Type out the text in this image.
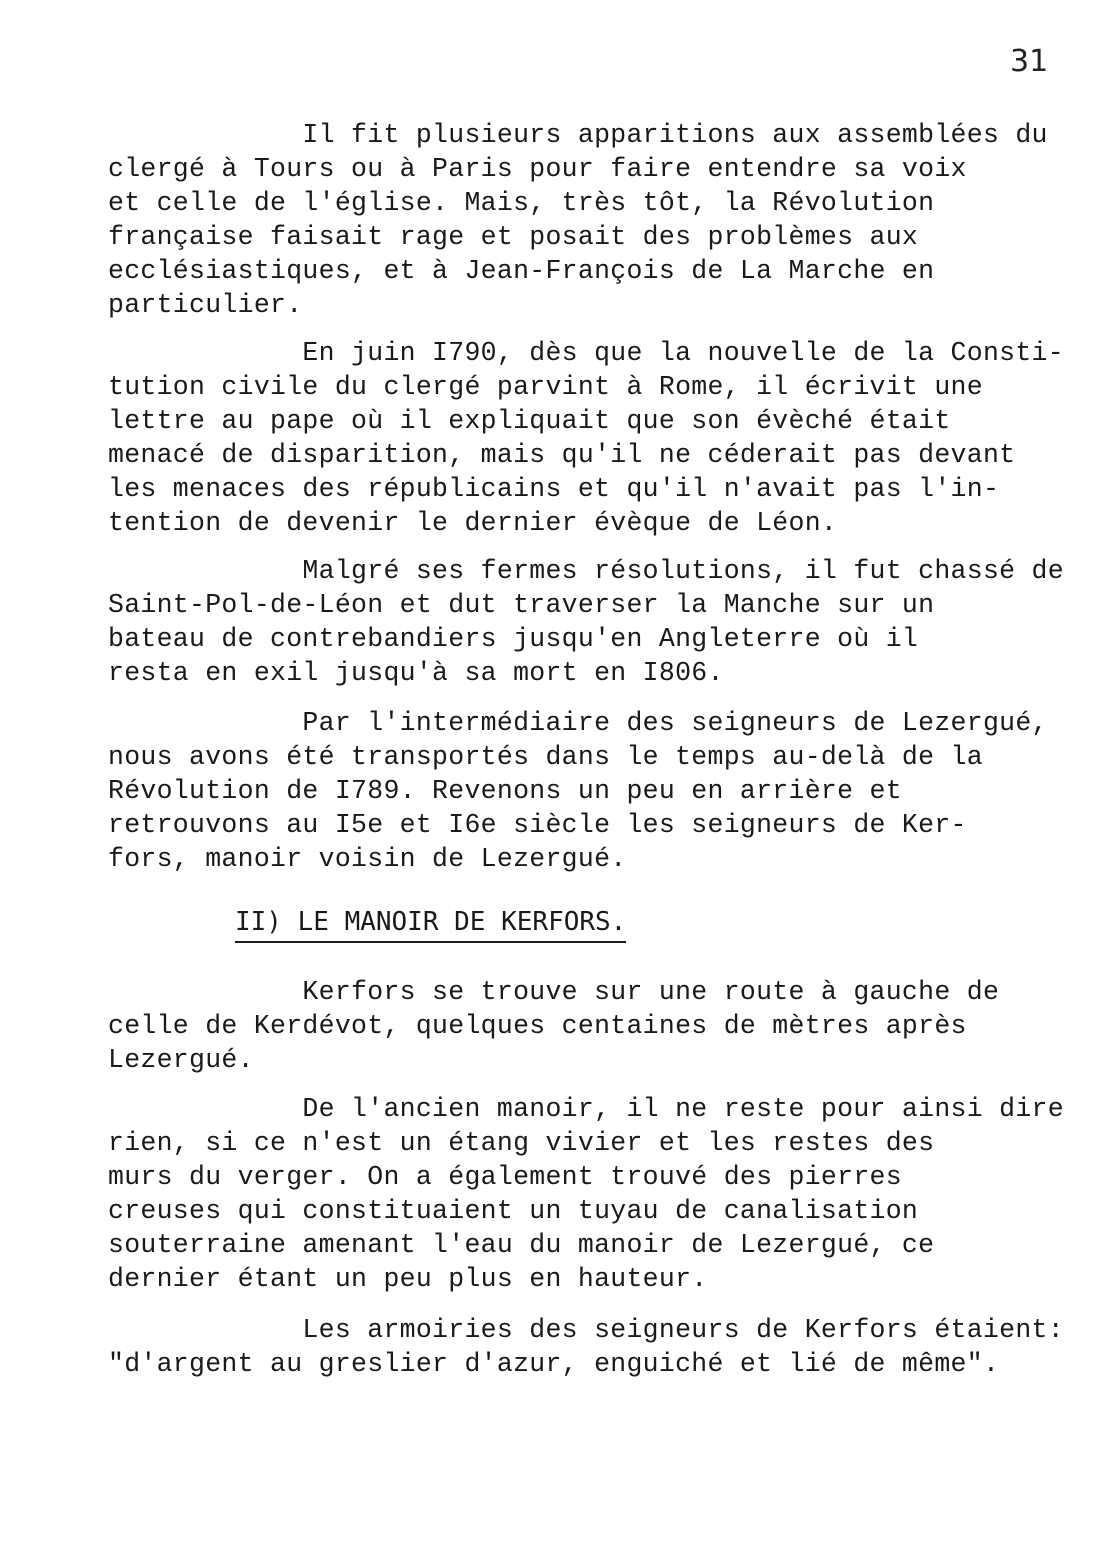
31
Il fit plusieurs apparitions aux assemblées du
clergé à Tours ou à Paris pour faire entendre sa voix
et celle de l'église. Mais, très tôt, la Révolution
française faisait rage et posait des problèmes aux
ecclésiastiques, et à Jean-François de La Marche en
particulier.
En juin I790, dès que la nouvelle de la Consti-
tution civile du clergé parvint à Rome, il écrivit une
lettre au pape où il expliquait que son évèché était
menacé de disparition, mais qu'il ne céderait pas devant
les menaces des républicains et qu'il n'avait pas l'in-
tention de devenir le dernier évèque de Léon.
Malgré ses fermes résolutions, il fut chassé de
Saint-Pol-de-Léon et dut traverser la Manche sur un
bateau de contrebandiers jusqu'en Angleterre où il
resta en exil jusqu'à sa mort en I806.
Par l'intermédiaire des seigneurs de Lezergué,
nous avons été transportés dans le temps au-delà de la
Révolution de I789. Revenons un peu en arrière et
retrouvons au I5e et I6e siècle les seigneurs de Ker-
fors, manoir voisin de Lezergué.
II) LE MANOIR DE KERFORS.
Kerfors se trouve sur une route à gauche de
celle de Kerdévot, quelques centaines de mètres après
Lezergué.
De l'ancien manoir, il ne reste pour ainsi dire
rien, si ce n'est un étang vivier et les restes des
murs du verger. On a également trouvé des pierres
creuses qui constituaient un tuyau de canalisation
souterraine amenant l'eau du manoir de Lezergué, ce
dernier étant un peu plus en hauteur.
Les armoiries des seigneurs de Kerfors étaient:
"d'argent au greslier d'azur, enguiché et lié de même".
